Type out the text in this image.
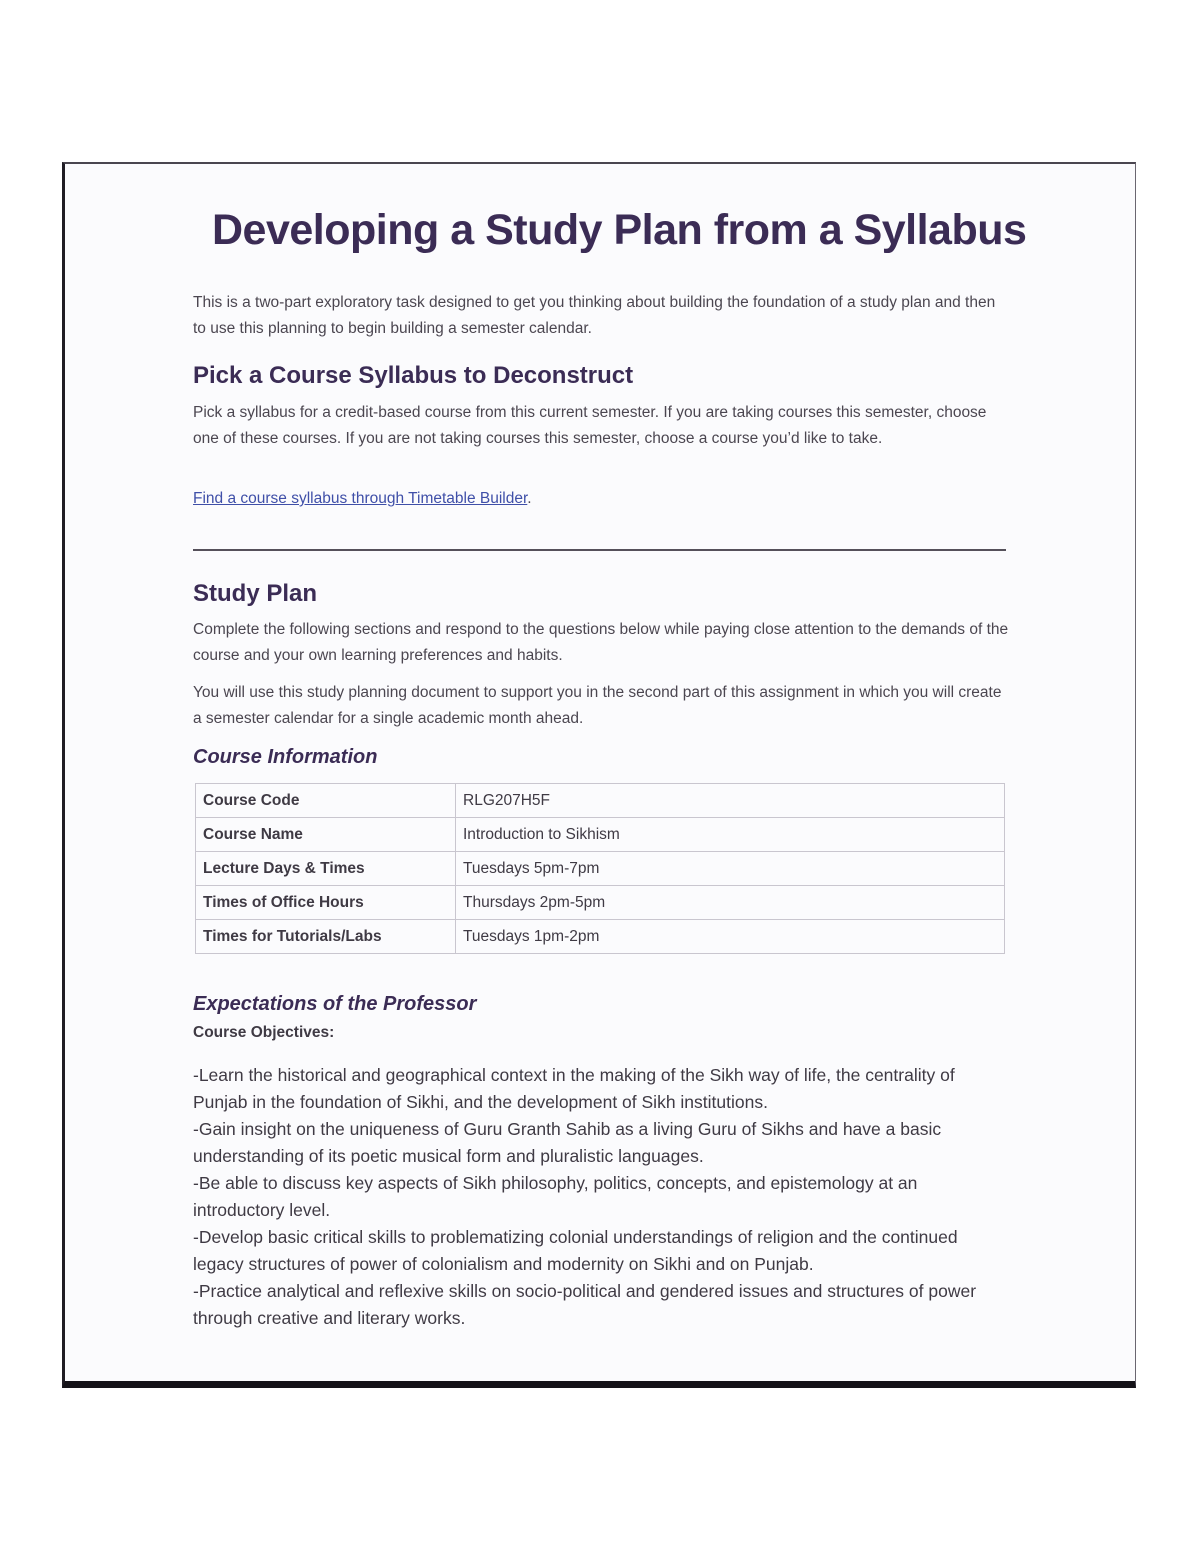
Developing a Study Plan from a Syllabus

This is a two-part exploratory task designed to get you thinking about building the foundation of a study plan and then to use this planning to begin building a semester calendar.

Pick a Course Syllabus to Deconstruct

Pick a syllabus for a credit-based course from this current semester. If you are taking courses this semester, choose one of these courses. If you are not taking courses this semester, choose a course you’d like to take.

Find a course syllabus through Timetable Builder.

Study Plan

Complete the following sections and respond to the questions below while paying close attention to the demands of the course and your own learning preferences and habits.

You will use this study planning document to support you in the second part of this assignment in which you will create a semester calendar for a single academic month ahead.

Course Information
Course Code	RLG207H5F
Course Name	Introduction to Sikhism
Lecture Days & Times	Tuesdays 5pm-7pm
Times of Office Hours	Thursdays 2pm-5pm
Times for Tutorials/Labs	Tuesdays 1pm-2pm
Expectations of the Professor

Course Objectives:

-Learn the historical and geographical context in the making of the Sikh way of life, the centrality of Punjab in the foundation of Sikhi, and the development of Sikh institutions.
-Gain insight on the uniqueness of Guru Granth Sahib as a living Guru of Sikhs and have a basic understanding of its poetic musical form and pluralistic languages.
-Be able to discuss key aspects of Sikh philosophy, politics, concepts, and epistemology at an introductory level.
-Develop basic critical skills to problematizing colonial understandings of religion and the continued legacy structures of power of colonialism and modernity on Sikhi and on Punjab.
-Practice analytical and reflexive skills on socio-political and gendered issues and structures of power through creative and literary works.
